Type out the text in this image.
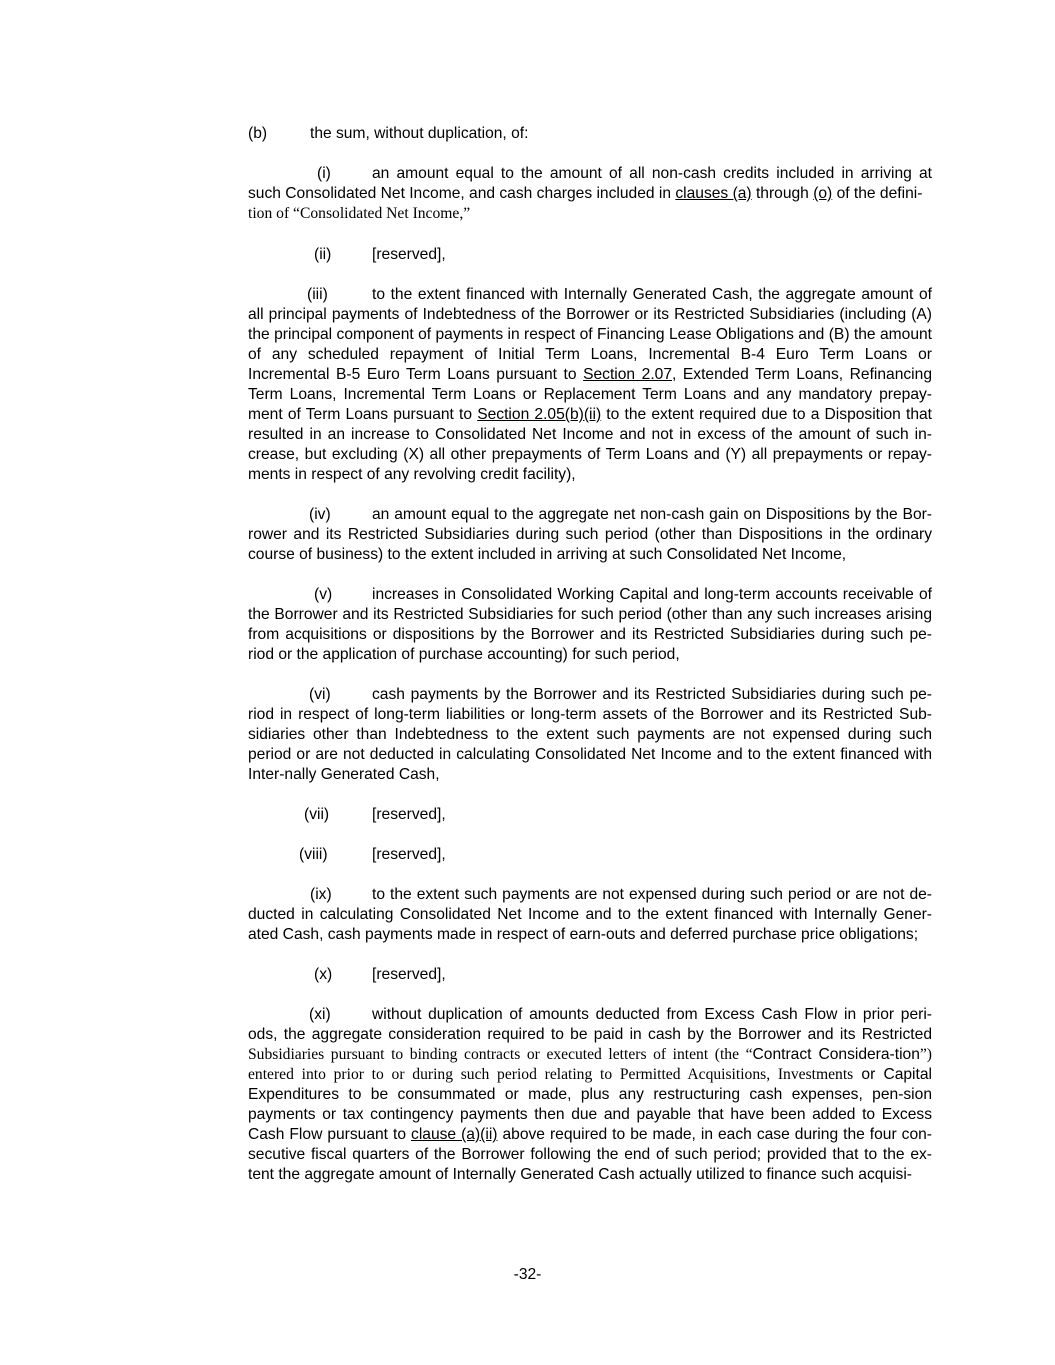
(b)	the sum, without duplication, of:
(i)	an amount equal to the amount of all non-cash credits included in arriving at such Consolidated Net Income, and cash charges included in clauses (a) through (o) of the defini-
tion of “Consolidated Net Income,”
(ii)	[reserved],
(iii)	to the extent financed with Internally Generated Cash, the aggregate amount of all principal payments of Indebtedness of the Borrower or its Restricted Subsidiaries (including (A) the principal component of payments in respect of Financing Lease Obligations and (B) the amount of any scheduled repayment of Initial Term Loans, Incremental B-4 Euro Term Loans or Incremental B-5 Euro Term Loans pursuant to Section 2.07, Extended Term Loans, Refinancing Term Loans, Incremental Term Loans or Replacement Term Loans and any mandatory prepay-ment of Term Loans pursuant to Section 2.05(b)(ii) to the extent required due to a Disposition that resulted in an increase to Consolidated Net Income and not in excess of the amount of such in-crease, but excluding (X) all other prepayments of Term Loans and (Y) all prepayments or repay-ments in respect of any revolving credit facility),
(iv)	an amount equal to the aggregate net non-cash gain on Dispositions by the Bor-rower and its Restricted Subsidiaries during such period (other than Dispositions in the ordinary course of business) to the extent included in arriving at such Consolidated Net Income,
(v)	increases in Consolidated Working Capital and long-term accounts receivable of the Borrower and its Restricted Subsidiaries for such period (other than any such increases arising from acquisitions or dispositions by the Borrower and its Restricted Subsidiaries during such pe-riod or the application of purchase accounting) for such period,
(vi)	cash payments by the Borrower and its Restricted Subsidiaries during such pe-riod in respect of long-term liabilities or long-term assets of the Borrower and its Restricted Sub-sidiaries other than Indebtedness to the extent such payments are not expensed during such period or are not deducted in calculating Consolidated Net Income and to the extent financed with Inter-nally Generated Cash,
(vii)	[reserved],
(viii)	[reserved],
(ix)	to the extent such payments are not expensed during such period or are not de-ducted in calculating Consolidated Net Income and to the extent financed with Internally Gener-ated Cash, cash payments made in respect of earn-outs and deferred purchase price obligations;
(x)	[reserved],
(xi)	without duplication of amounts deducted from Excess Cash Flow in prior peri-ods, the aggregate consideration required to be paid in cash by the Borrower and its Restricted Subsidiaries pursuant to binding contracts or executed letters of intent (the “Contract Considera-tion”) entered into prior to or during such period relating to Permitted Acquisitions, Investments or Capital Expenditures to be consummated or made, plus any restructuring cash expenses, pen-sion payments or tax contingency payments then due and payable that have been added to Excess Cash Flow pursuant to clause (a)(ii) above required to be made, in each case during the four con-secutive fiscal quarters of the Borrower following the end of such period; provided that to the ex-tent the aggregate amount of Internally Generated Cash actually utilized to finance such acquisi-
-32-
